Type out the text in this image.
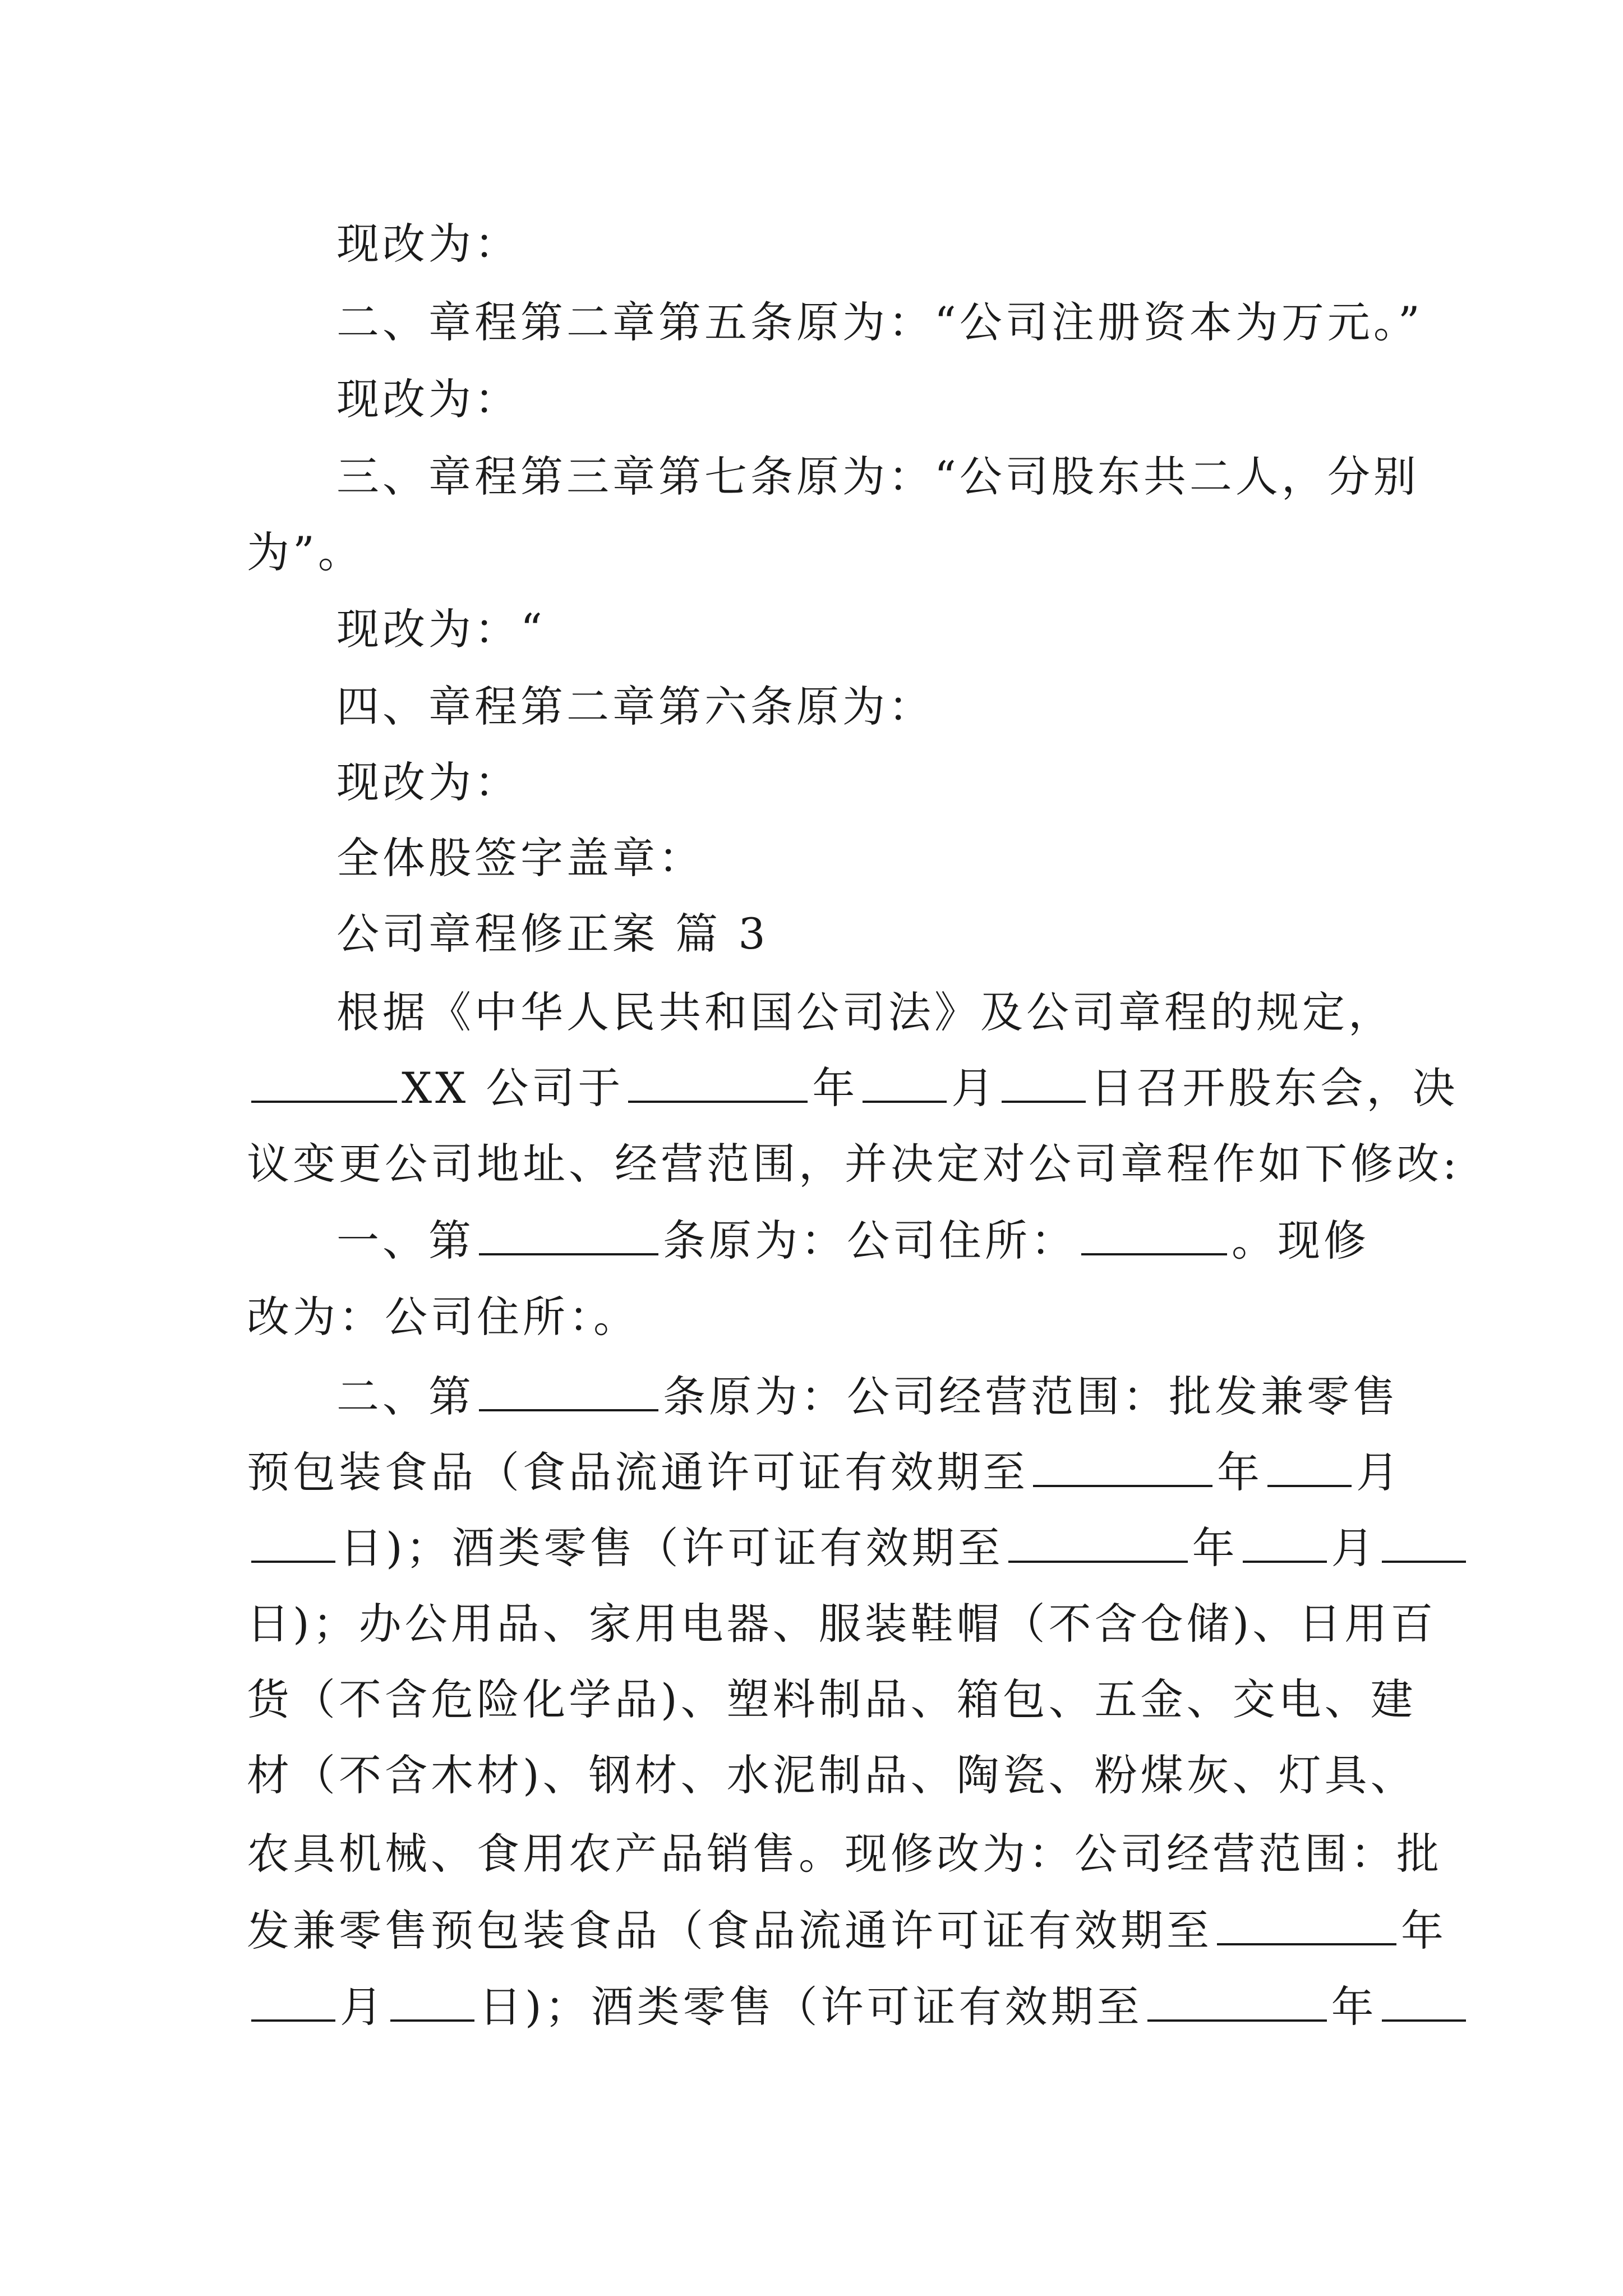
现改为：
二、章程第二章第五条原为：“公司注册资本为万元。”
现改为：
三、章程第三章第七条原为：“公司股东共二人，分别
为”。
现改为：“
四、章程第二章第六条原为：
现改为：
全体股签字盖章：
公司章程修正案 篇 3
根据《中华人民共和国公司法》及公司章程的规定，
XX 公司于	年 月 日召开股东会，决
议变更公司地址、经营范围，并决定对公司章程作如下修改:
一、第	条原为：公司住所：	。现修
改为：公司住所：。
二、第	条原为：公司经营范围：批发兼零售
预包装食品（食品流通许可证有效期至	年 月
日)；酒类零售（许可证有效期至	年 月
日)；办公用品、家用电器、服装鞋帽（不含仓储)、日用百
货（不含危险化学品)、塑料制品、箱包、五金、交电、建
材（不含木材)、钢材、水泥制品、陶瓷、粉煤灰、灯具、
农具机械、食用农产品销售。现修改为：公司经营范围：批
发兼零售预包装食品（食品流通许可证有效期至	年
月 日)；酒类零售（许可证有效期至	年
